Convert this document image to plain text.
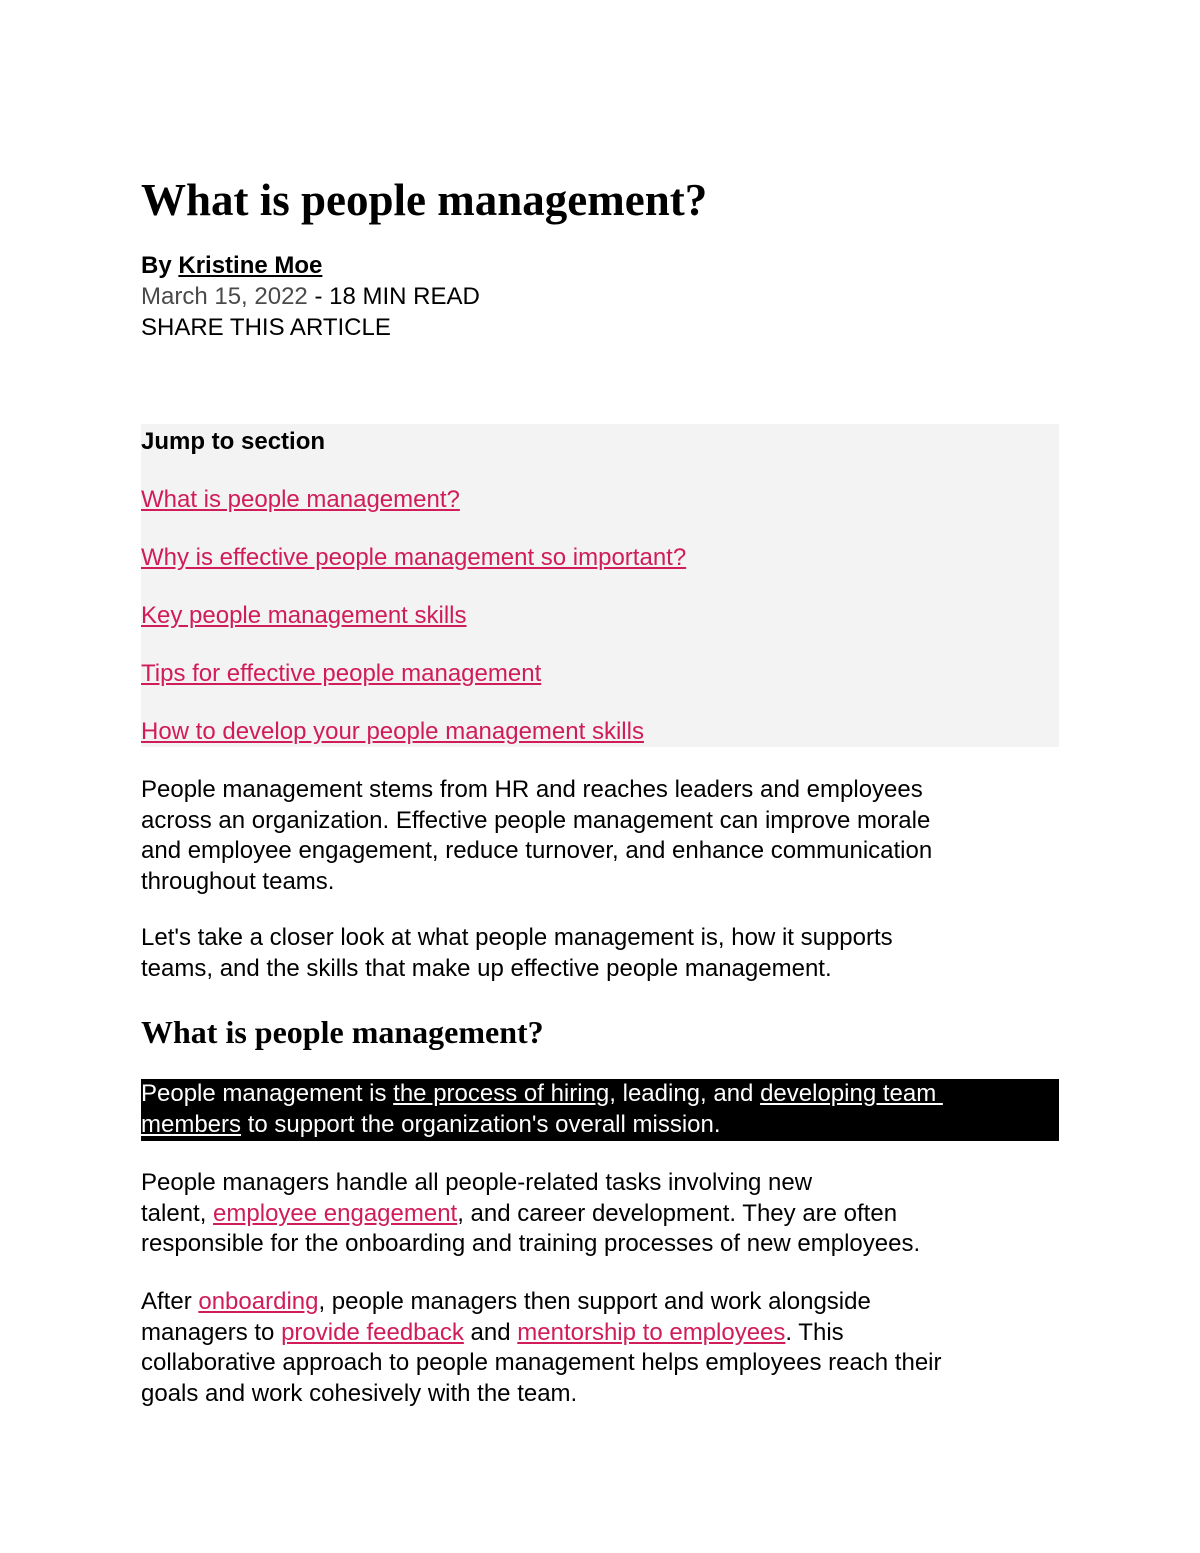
What is people management?
By Kristine Moe
March 15, 2022 - 18 MIN READ
SHARE THIS ARTICLE
Jump to section
What is people management?
Why is effective people management so important?
Key people management skills
Tips for effective people management
How to develop your people management skills

People management stems from HR and reaches leaders and employees
across an organization. Effective people management can improve morale
and employee engagement, reduce turnover, and enhance communication
throughout teams.

Let's take a closer look at what people management is, how it supports
teams, and the skills that make up effective people management.

What is people management?
People management is the process of hiring, leading, and developing team
members to support the organization's overall mission.

People managers handle all people-related tasks involving new
talent, employee engagement, and career development. They are often
responsible for the onboarding and training processes of new employees.

After onboarding, people managers then support and work alongside
managers to provide feedback and mentorship to employees. This
collaborative approach to people management helps employees reach their
goals and work cohesively with the team.
